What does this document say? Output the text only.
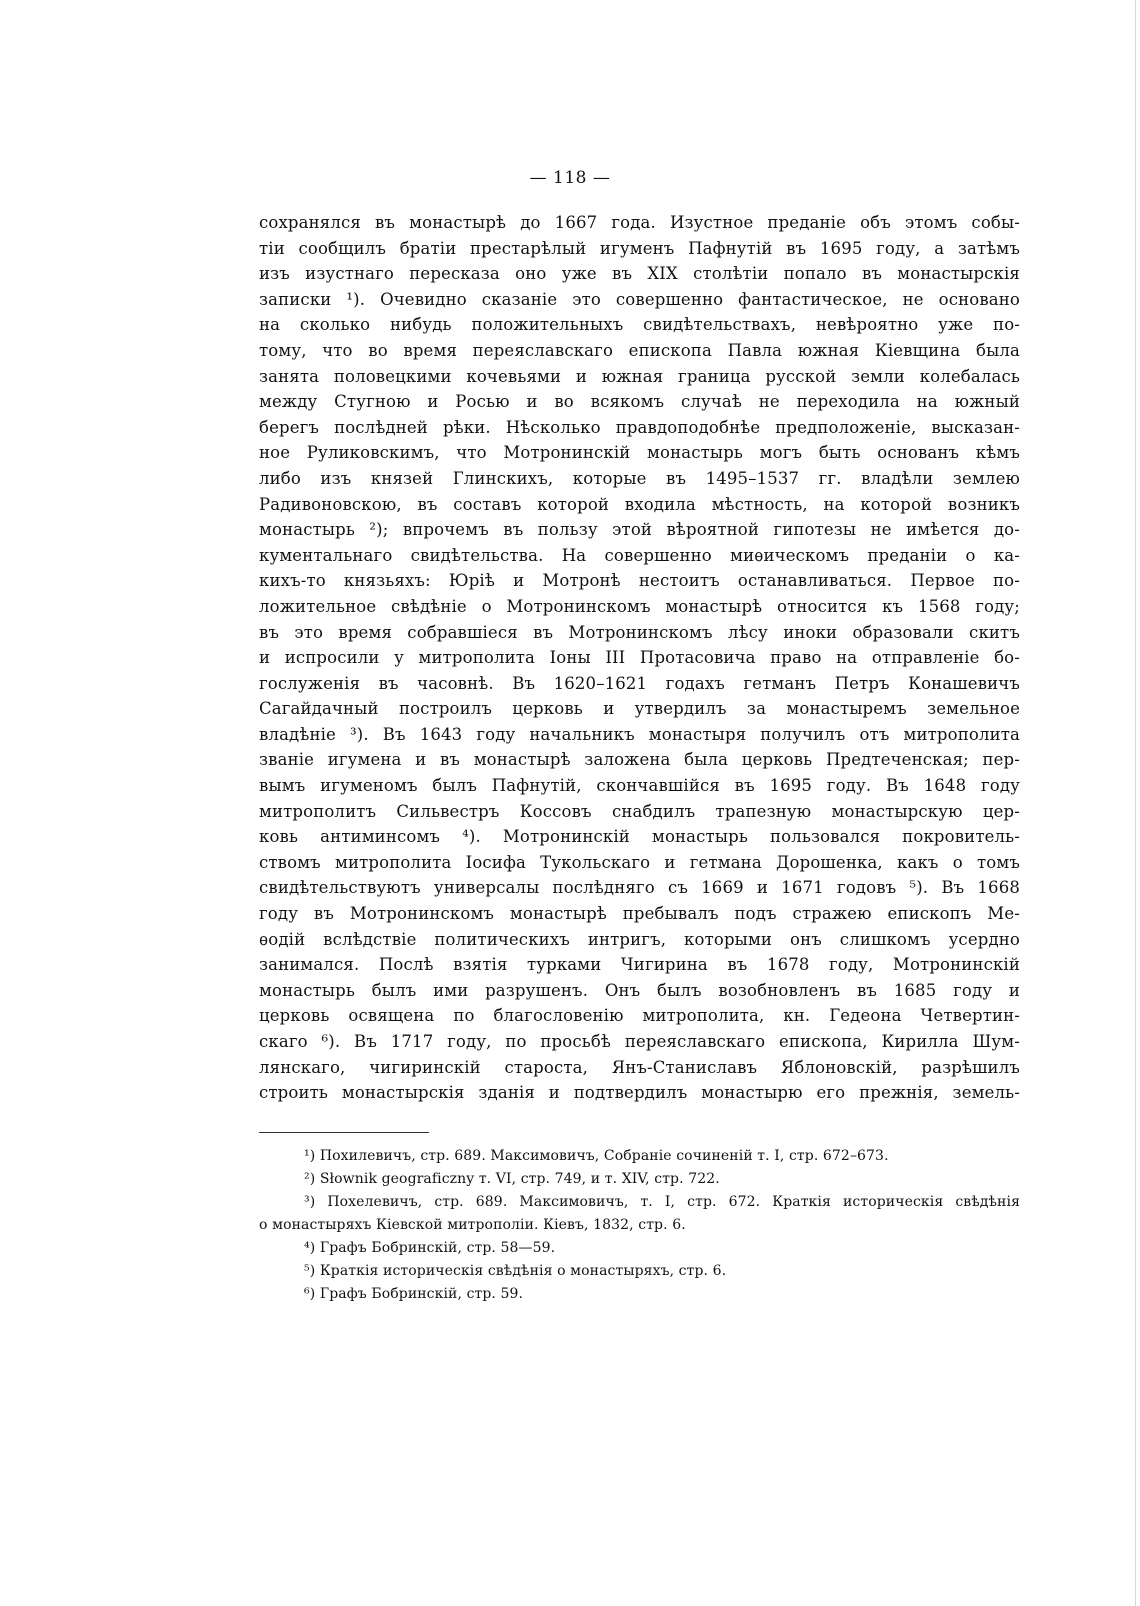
— 118 —
сохранялся въ монастырѣ до 1667 года. Изустное преданіе объ этомъ собы-
тіи сообщилъ братіи престарѣлый игуменъ Пафнутій въ 1695 году, а затѣмъ
изъ изустнаго пересказа оно уже въ XIX столѣтіи попало въ монастырскія
записки ¹). Очевидно сказаніе это совершенно фантастическое, не основано
на сколько нибудь положительныхъ свидѣтельствахъ, невѣроятно уже по-
тому, что во время переяславскаго епископа Павла южная Кіевщина была
занята половецкими кочевьями и южная граница русской земли колебалась
между Стугною и Росью и во всякомъ случаѣ не переходила на южный
берегъ послѣдней рѣки. Нѣсколько правдоподобнѣе предположеніе, высказан-
ное Руликовскимъ, что Мотронинскій монастырь могъ быть основанъ кѣмъ
либо изъ князей Глинскихъ, которые въ 1495–1537 гг. владѣли землею
Радивоновскою, въ составъ которой входила мѣстность, на которой возникъ
монастырь ²); впрочемъ въ пользу этой вѣроятной гипотезы не имѣется до-
кументальнаго свидѣтельства. На совершенно миѳическомъ преданіи о ка-
кихъ-то князьяхъ: Юріѣ и Мотронѣ нестоитъ останавливаться. Первое по-
ложительное свѣдѣніе о Мотронинскомъ монастырѣ относится къ 1568 году;
въ это время собравшіеся въ Мотронинскомъ лѣсу иноки образовали скитъ
и испросили у митрополита Іоны III Протасовича право на отправленіе бо-
гослуженія въ часовнѣ. Въ 1620–1621 годахъ гетманъ Петръ Конашевичъ
Сагайдачный построилъ церковь и утвердилъ за монастыремъ земельное
владѣніе ³). Въ 1643 году начальникъ монастыря получилъ отъ митрополита
званіе игумена и въ монастырѣ заложена была церковь Предтеченская; пер-
вымъ игуменомъ былъ Пафнутій, скончавшійся въ 1695 году. Въ 1648 году
митрополитъ Сильвестръ Коссовъ снабдилъ трапезную монастырскую цер-
ковь антиминсомъ ⁴). Мотронинскій монастырь пользовался покровитель-
ствомъ митрополита Іосифа Тукольскаго и гетмана Дорошенка, какъ о томъ
свидѣтельствуютъ универсалы послѣдняго съ 1669 и 1671 годовъ ⁵). Въ 1668
году въ Мотронинскомъ монастырѣ пребывалъ подъ стражею епископъ Ме-
ѳодій вслѣдствіе политическихъ интригъ, которыми онъ слишкомъ усердно
занимался. Послѣ взятія турками Чигирина въ 1678 году, Мотронинскій
монастырь былъ ими разрушенъ. Онъ былъ возобновленъ въ 1685 году и
церковь освящена по благословенію митрополита, кн. Гедеона Четвертин-
скаго ⁶). Въ 1717 году, по просьбѣ переяславскаго епископа, Кирилла Шум-
лянскаго, чигиринскій староста, Янъ-Станиславъ Яблоновскій, разрѣшилъ
строить монастырскія зданія и подтвердилъ монастырю его прежнія, земель-
¹) Похилевичъ, стр. 689. Максимовичъ, Собраніе сочиненій т. I, стр. 672–673.
²) Słownik geograficzny т. VI, стр. 749, и т. XIV, стр. 722.
³) Похелевичъ, стр. 689. Максимовичъ, т. I, стр. 672. Краткія историческія свѣдѣнія
о монастыряхъ Кіевской митрополіи. Кіевъ, 1832, стр. 6.
⁴) Графъ Бобринскій, стр. 58—59.
⁵) Краткія историческія свѣдѣнія о монастыряхъ, стр. 6.
⁶) Графъ Бобринскій, стр. 59.
